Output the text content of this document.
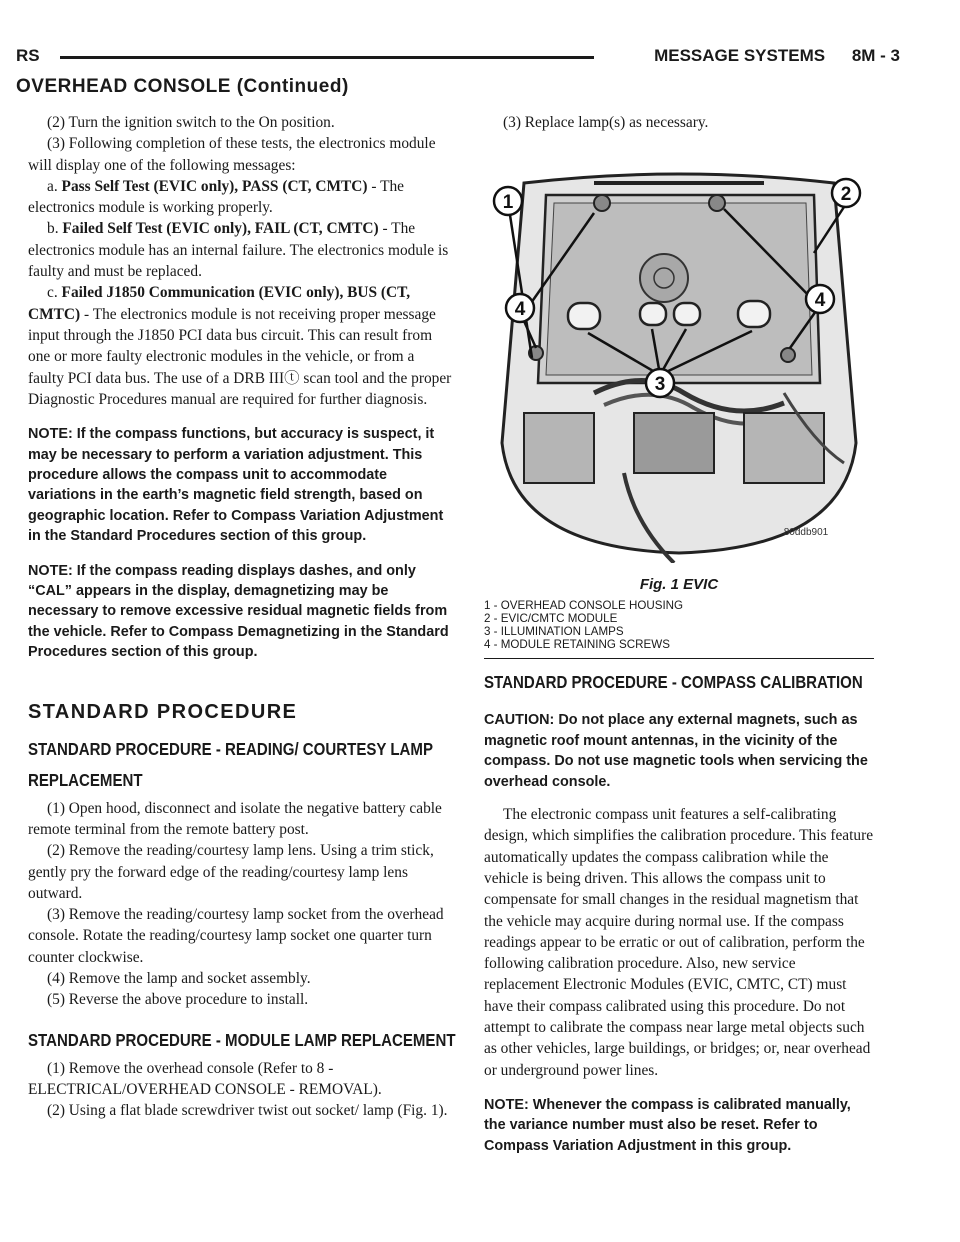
RS	MESSAGE SYSTEMS 8M - 3
OVERHEAD CONSOLE (Continued)

(2) Turn the ignition switch to the On position.

(3) Following completion of these tests, the electronics module will display one of the following messages:

a. Pass Self Test (EVIC only), PASS (CT, CMTC) - The electronics module is working properly.

b. Failed Self Test (EVIC only), FAIL (CT, CMTC) - The electronics module has an internal failure. The electronics module is faulty and must be replaced.

c. Failed J1850 Communication (EVIC only), BUS (CT, CMTC) - The electronics module is not receiving proper message input through the J1850 PCI data bus circuit. This can result from one or more faulty electronic modules in the vehicle, or from a faulty PCI data bus. The use of a DRB IIIⓣ scan tool and the proper Diagnostic Procedures manual are required for further diagnosis.

NOTE: If the compass functions, but accuracy is suspect, it may be necessary to perform a variation adjustment. This procedure allows the compass unit to accommodate variations in the earth’s magnetic field strength, based on geographic location. Refer to Compass Variation Adjustment in the Standard Procedures section of this group.

NOTE: If the compass reading displays dashes, and only “CAL” appears in the display, demagnetizing may be necessary to remove excessive residual magnetic fields from the vehicle. Refer to Compass Demagnetizing in the Standard Procedures section of this group.

STANDARD PROCEDURE

STANDARD PROCEDURE - READING/ COURTESY LAMP REPLACEMENT

(1) Open hood, disconnect and isolate the negative battery cable remote terminal from the remote battery post.

(2) Remove the reading/courtesy lamp lens. Using a trim stick, gently pry the forward edge of the reading/courtesy lamp lens outward.

(3) Remove the reading/courtesy lamp socket from the overhead console. Rotate the reading/courtesy lamp socket one quarter turn counter clockwise.

(4) Remove the lamp and socket assembly.

(5) Reverse the above procedure to install.

STANDARD PROCEDURE - MODULE LAMP REPLACEMENT

(1) Remove the overhead console (Refer to 8 - ELECTRICAL/OVERHEAD CONSOLE - REMOVAL).

(2) Using a flat blade screwdriver twist out socket/ lamp (Fig. 1).

(3) Replace lamp(s) as necessary.

1	2
3
4	4
80ddb901

Fig. 1 EVIC

1 - OVERHEAD CONSOLE HOUSING
2 - EVIC/CMTC MODULE
3 - ILLUMINATION LAMPS
4 - MODULE RETAINING SCREWS

STANDARD PROCEDURE - COMPASS CALIBRATION

CAUTION: Do not place any external magnets, such as magnetic roof mount antennas, in the vicinity of the compass. Do not use magnetic tools when servicing the overhead console.

The electronic compass unit features a self-calibrating design, which simplifies the calibration procedure. This feature automatically updates the compass calibration while the vehicle is being driven. This allows the compass unit to compensate for small changes in the residual magnetism that the vehicle may acquire during normal use. If the compass readings appear to be erratic or out of calibration, perform the following calibration procedure. Also, new service replacement Electronic Modules (EVIC, CMTC, CT) must have their compass calibrated using this procedure. Do not attempt to calibrate the compass near large metal objects such as other vehicles, large buildings, or bridges; or, near overhead or underground power lines.

NOTE: Whenever the compass is calibrated manually, the variance number must also be reset. Refer to Compass Variation Adjustment in this group.
